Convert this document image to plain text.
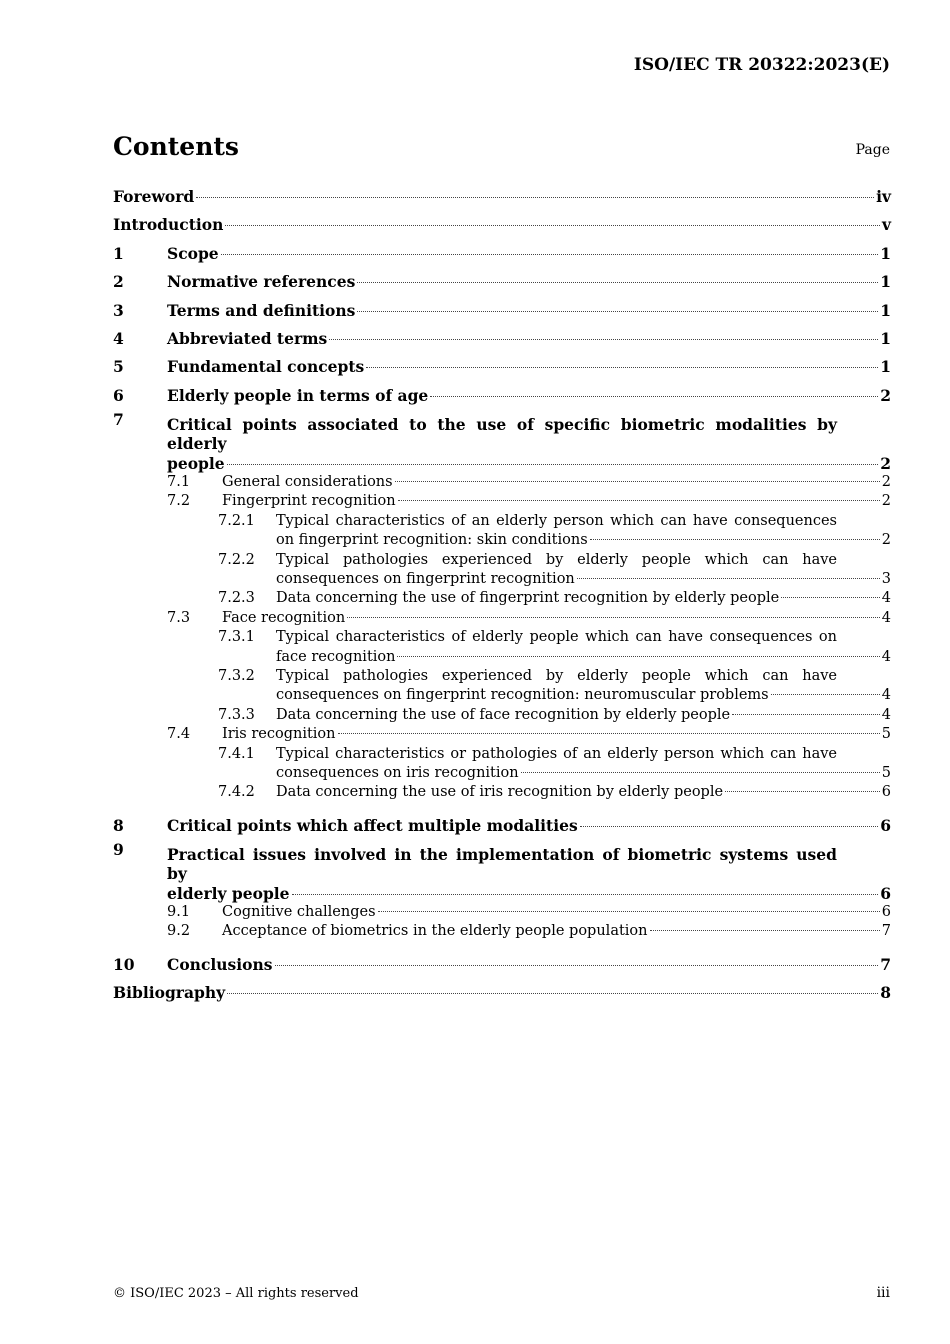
ISO/IEC TR 20322:2023(E)
Contents	Page
Foreword	iv
Introduction	v
1	Scope	1
2	Normative references	1
3	Terms and definitions	1
4	Abbreviated terms	1
5	Fundamental concepts	1
6	Elderly people in terms of age	2
7	Critical points associated to the use of specific biometric modalities by elderly
people	2
7.1 General considerations	2
7.2 Fingerprint recognition	2
7.2.1 Typical characteristics of an elderly person which can have consequences
on fingerprint recognition: skin conditions	2
7.2.2 Typical pathologies experienced by elderly people which can have
consequences on fingerprint recognition	3
7.2.3 Data concerning the use of fingerprint recognition by elderly people	4
7.3 Face recognition	4
7.3.1 Typical characteristics of elderly people which can have consequences on
face recognition	4
7.3.2 Typical pathologies experienced by elderly people which can have
consequences on fingerprint recognition: neuromuscular problems	4
7.3.3 Data concerning the use of face recognition by elderly people	4
7.4 Iris recognition	5
7.4.1 Typical characteristics or pathologies of an elderly person which can have
consequences on iris recognition	5
7.4.2 Data concerning the use of iris recognition by elderly people	6
8	Critical points which affect multiple modalities	6
9	Practical issues involved in the implementation of biometric systems used by
elderly people	6
9.1 Cognitive challenges	6
9.2 Acceptance of biometrics in the elderly people population	7
10 Conclusions	7
Bibliography	8
© ISO/IEC 2023 – All rights reserved	iii
